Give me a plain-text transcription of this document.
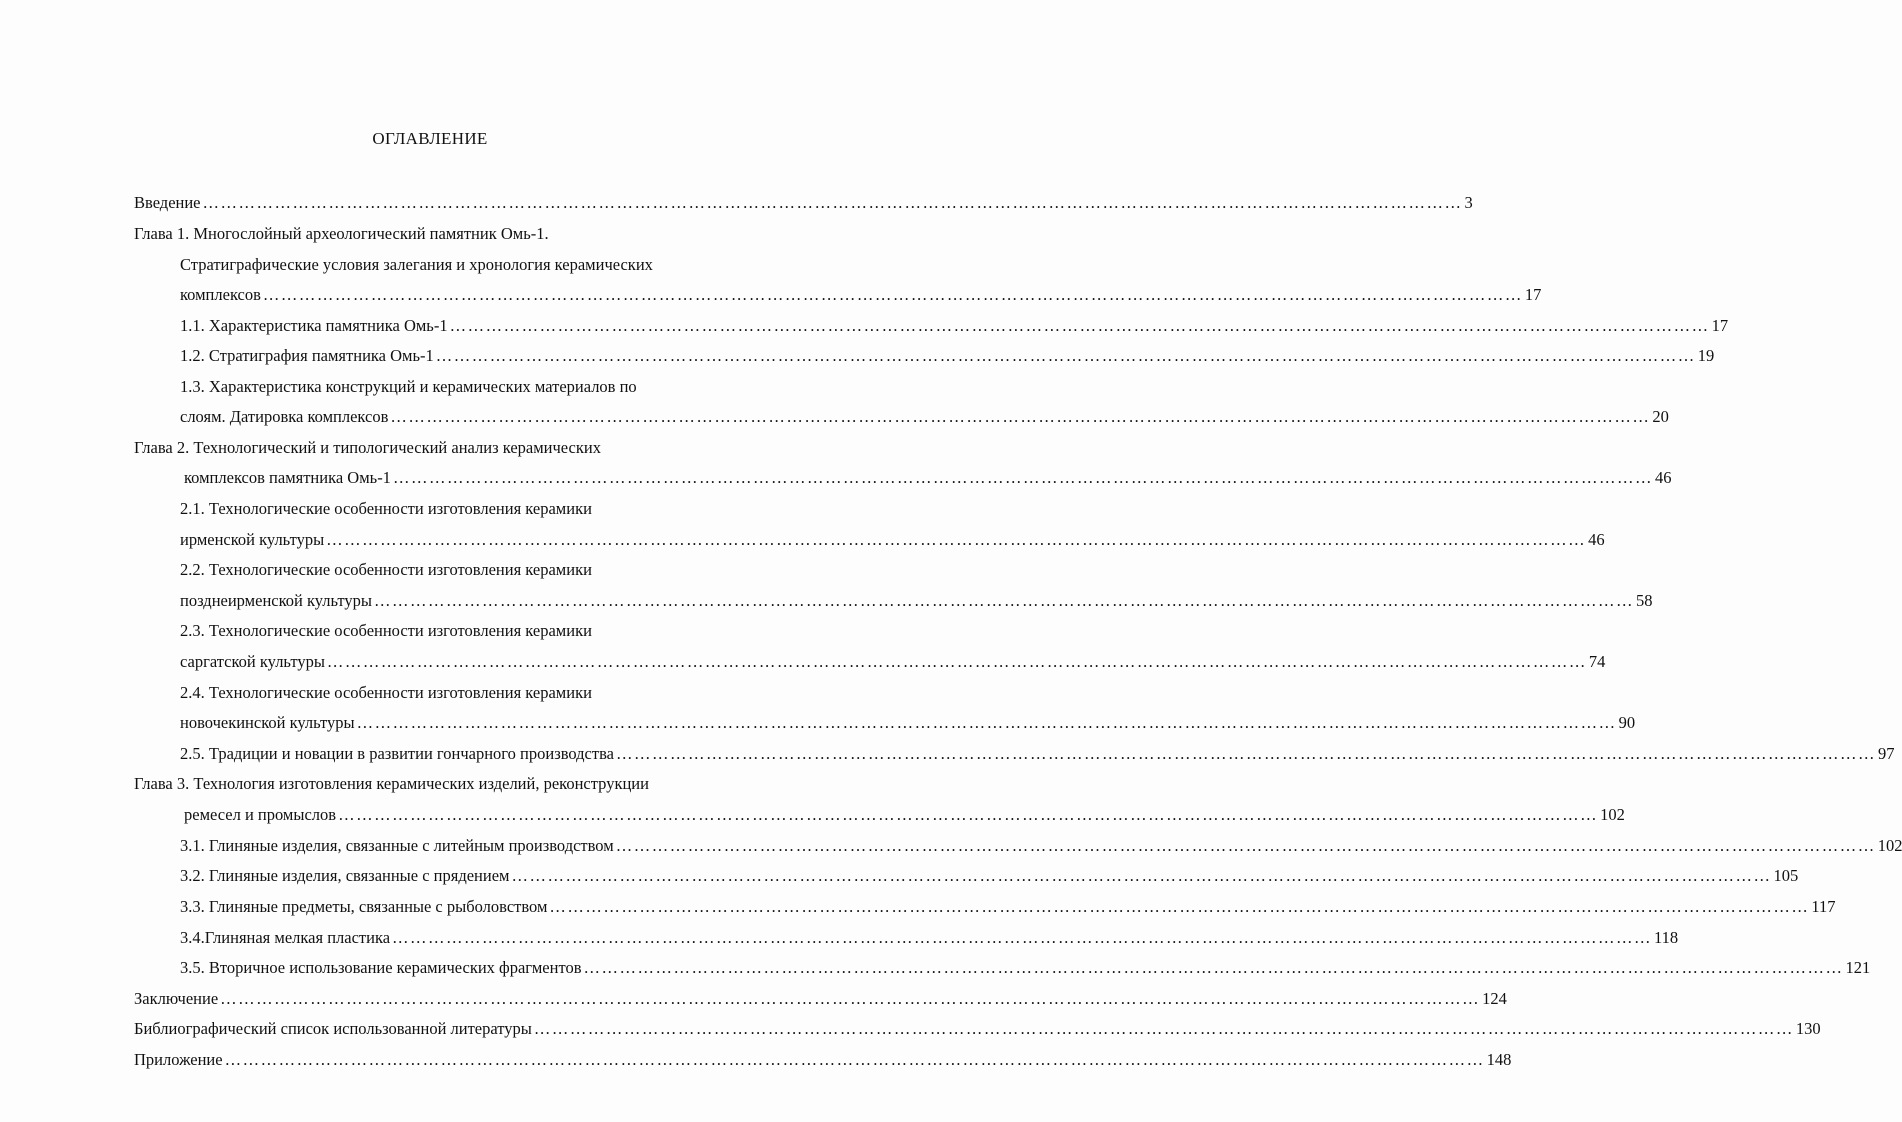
ОГЛАВЛЕНИЕ
Введение ………………………………………………………………………………………………………………………………………………………………………………………… 3
Глава 1. Многослойный археологический памятник Омь-1.
Стратиграфические условия залегания и хронология керамических
комплексов ………………………………………………………………………………………………………………………………………………………………………………………… 17
1.1. Характеристика памятника Омь-1 ………………………………………………………………………………………………………………………………………………………………………………………… 17
1.2. Стратиграфия памятника Омь-1 ………………………………………………………………………………………………………………………………………………………………………………………… 19
1.3. Характеристика конструкций и керамических материалов по
слоям. Датировка комплексов ………………………………………………………………………………………………………………………………………………………………………………………… 20
Глава 2. Технологический и типологический анализ керамических
комплексов памятника Омь-1 ………………………………………………………………………………………………………………………………………………………………………………………… 46
2.1. Технологические особенности изготовления керамики
ирменской культуры ………………………………………………………………………………………………………………………………………………………………………………………… 46
2.2. Технологические особенности изготовления керамики
позднеирменской культуры ………………………………………………………………………………………………………………………………………………………………………………………… 58
2.3. Технологические особенности изготовления керамики
саргатской культуры ………………………………………………………………………………………………………………………………………………………………………………………… 74
2.4. Технологические особенности изготовления керамики
новочекинской культуры ………………………………………………………………………………………………………………………………………………………………………………………… 90
2.5. Традиции и новации в развитии гончарного производства ………………………………………………………………………………………………………………………………………………………………………………………… 97
Глава 3. Технология изготовления керамических изделий, реконструкции
ремесел и промыслов ………………………………………………………………………………………………………………………………………………………………………………………… 102
3.1. Глиняные изделия, связанные с литейным производством ………………………………………………………………………………………………………………………………………………………………………………………… 102
3.2. Глиняные изделия, связанные с прядением ………………………………………………………………………………………………………………………………………………………………………………………… 105
3.3. Глиняные предметы, связанные с рыболовством ………………………………………………………………………………………………………………………………………………………………………………………… 117
3.4.Глиняная мелкая пластика ………………………………………………………………………………………………………………………………………………………………………………………… 118
3.5. Вторичное использование керамических фрагментов ………………………………………………………………………………………………………………………………………………………………………………………… 121
Заключение ………………………………………………………………………………………………………………………………………………………………………………………… 124
Библиографический список использованной литературы ………………………………………………………………………………………………………………………………………………………………………………………… 130
Приложение ………………………………………………………………………………………………………………………………………………………………………………………… 148
